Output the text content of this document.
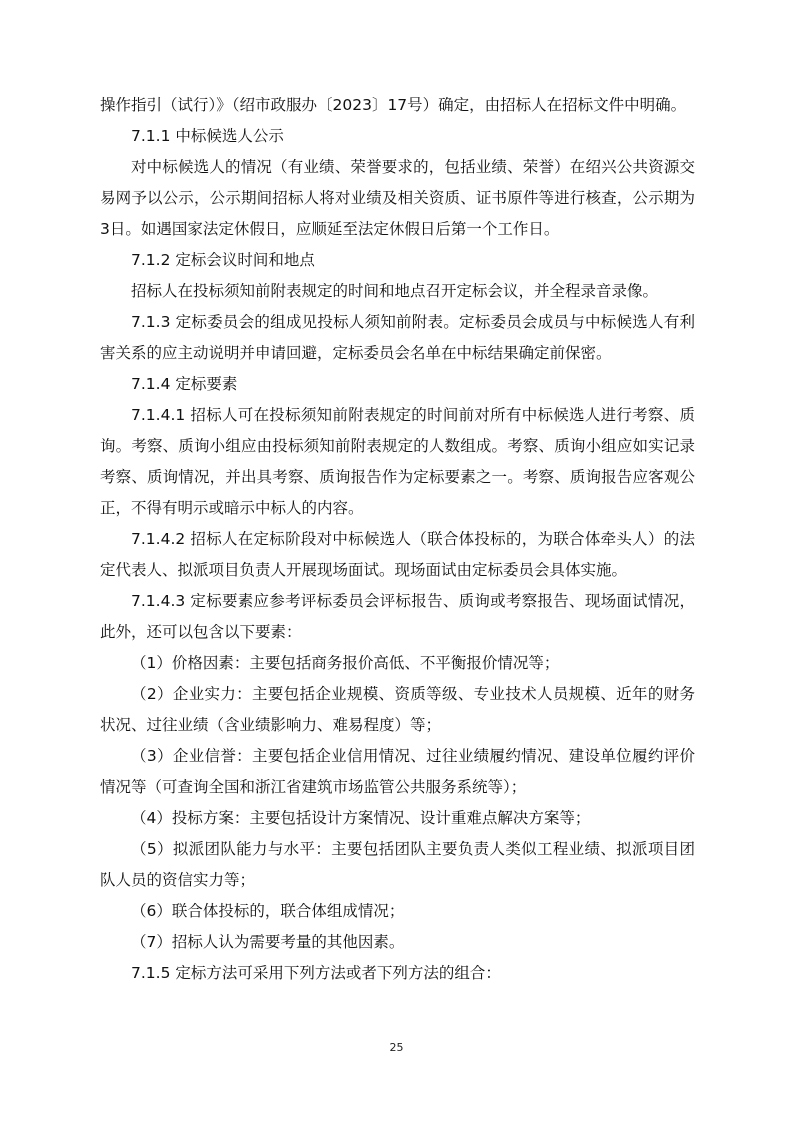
操作指引（试行）》（绍市政服办〔2023〕17号）确定，由招标人在招标文件中明确。

7.1.1 中标候选人公示

对中标候选人的情况（有业绩、荣誉要求的，包括业绩、荣誉）在绍兴公共资源交易网予以公示，公示期间招标人将对业绩及相关资质、证书原件等进行核查，公示期为3日。如遇国家法定休假日，应顺延至法定休假日后第一个工作日。

7.1.2 定标会议时间和地点

招标人在投标须知前附表规定的时间和地点召开定标会议，并全程录音录像。

7.1.3 定标委员会的组成见投标人须知前附表。定标委员会成员与中标候选人有利害关系的应主动说明并申请回避，定标委员会名单在中标结果确定前保密。

7.1.4 定标要素

7.1.4.1 招标人可在投标须知前附表规定的时间前对所有中标候选人进行考察、质询。考察、质询小组应由投标须知前附表规定的人数组成。考察、质询小组应如实记录考察、质询情况，并出具考察、质询报告作为定标要素之一。考察、质询报告应客观公正，不得有明示或暗示中标人的内容。

7.1.4.2 招标人在定标阶段对中标候选人（联合体投标的，为联合体牵头人）的法定代表人、拟派项目负责人开展现场面试。现场面试由定标委员会具体实施。

7.1.4.3 定标要素应参考评标委员会评标报告、质询或考察报告、现场面试情况，此外，还可以包含以下要素：

（1）价格因素：主要包括商务报价高低、不平衡报价情况等；

（2）企业实力：主要包括企业规模、资质等级、专业技术人员规模、近年的财务状况、过往业绩（含业绩影响力、难易程度）等；

（3）企业信誉：主要包括企业信用情况、过往业绩履约情况、建设单位履约评价情况等（可查询全国和浙江省建筑市场监管公共服务系统等）；

（4）投标方案：主要包括设计方案情况、设计重难点解决方案等；

（5）拟派团队能力与水平：主要包括团队主要负责人类似工程业绩、拟派项目团队人员的资信实力等；

（6）联合体投标的，联合体组成情况；

（7）招标人认为需要考量的其他因素。

7.1.5 定标方法可采用下列方法或者下列方法的组合：

25
